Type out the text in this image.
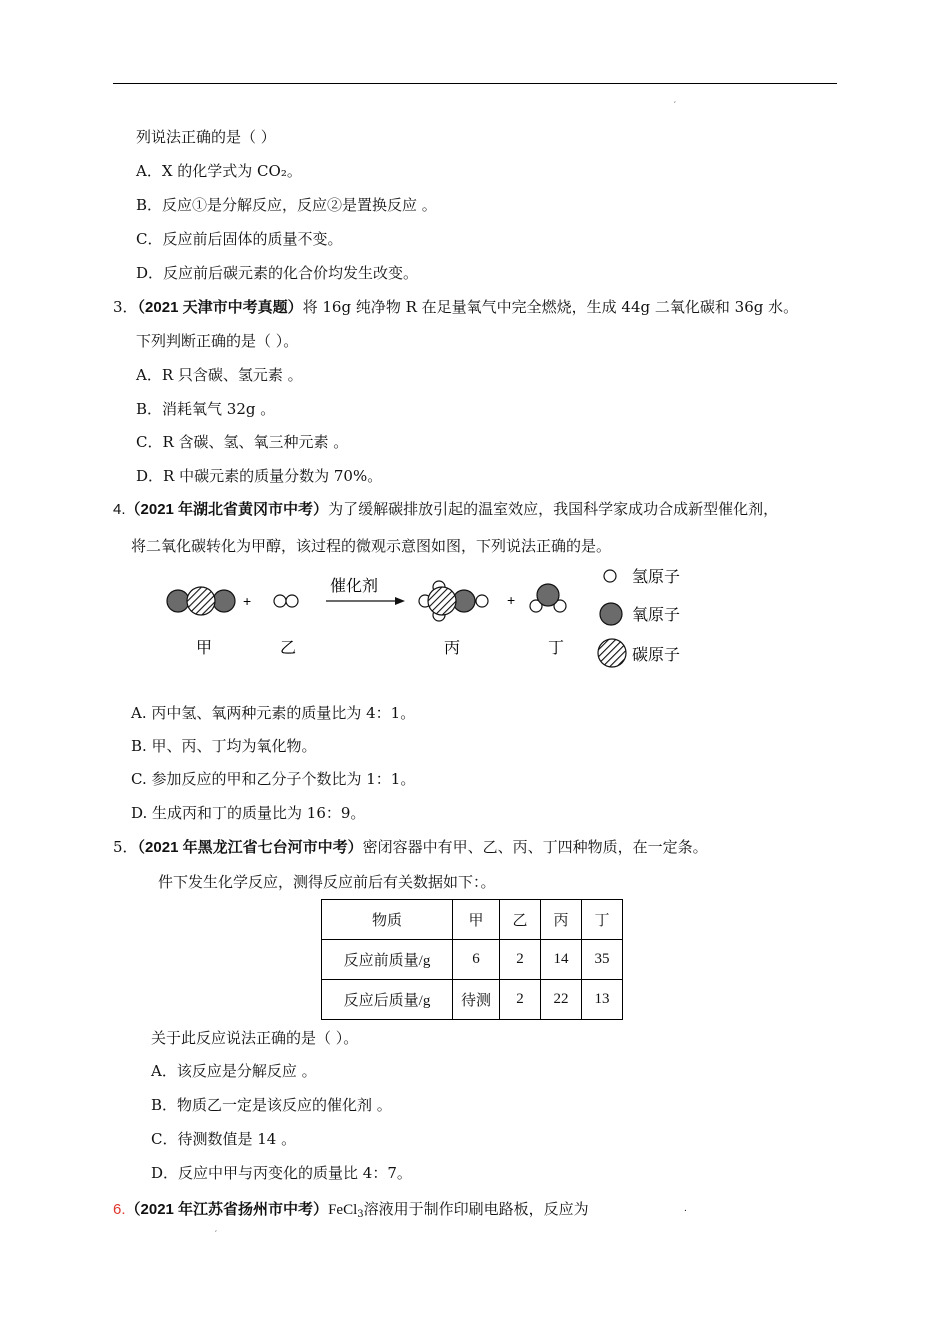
¸
列说法正确的是（ ）
A．X 的化学式为 CO₂。
B．反应①是分解反应，反应②是置换反应 。
C．反应前后固体的质量不变。
D．反应前后碳元素的化合价均发生改变。
3．（2021 天津市中考真题）将 16g 纯净物 R 在足量氧气中完全燃烧，生成 44g 二氧化碳和 36g 水。
下列判断正确的是（ ）。
A．R 只含碳、氢元素 。
B．消耗氧气 32g 。
C．R 含碳、氢、氧三种元素 。
D．R 中碳元素的质量分数为 70%。
4.（2021 年湖北省黄冈市中考）为了缓解碳排放引起的温室效应，我国科学家成功合成新型催化剂，
将二氧化碳转化为甲醇，该过程的微观示意图如图，下列说法正确的是。
+
催化剂
+
甲	乙	丙	丁
氢原子
氧原子
碳原子
A. 丙中氢、氧两种元素的质量比为 4：1。
B. 甲、丙、丁均为氧化物。
C. 参加反应的甲和乙分子个数比为 1：1。
D. 生成丙和丁的质量比为 16：9。
5．（2021 年黑龙江省七台河市中考）密闭容器中有甲、乙、丙、丁四种物质，在一定条。
件下发生化学反应，测得反应前后有关数据如下：。
物质	甲	乙	丙	丁
反应前质量/g	6	2	14	35
反应后质量/g	待测	2	22	13
关于此反应说法正确的是（ ）。
A．该反应是分解反应 。
B．物质乙一定是该反应的催化剂 。
C．待测数值是 14 。
D．反应中甲与丙变化的质量比 4：7。
6.（2021 年江苏省扬州市中考）FeCl$_3$溶液用于制作印刷电路板，反应为	.
¸
